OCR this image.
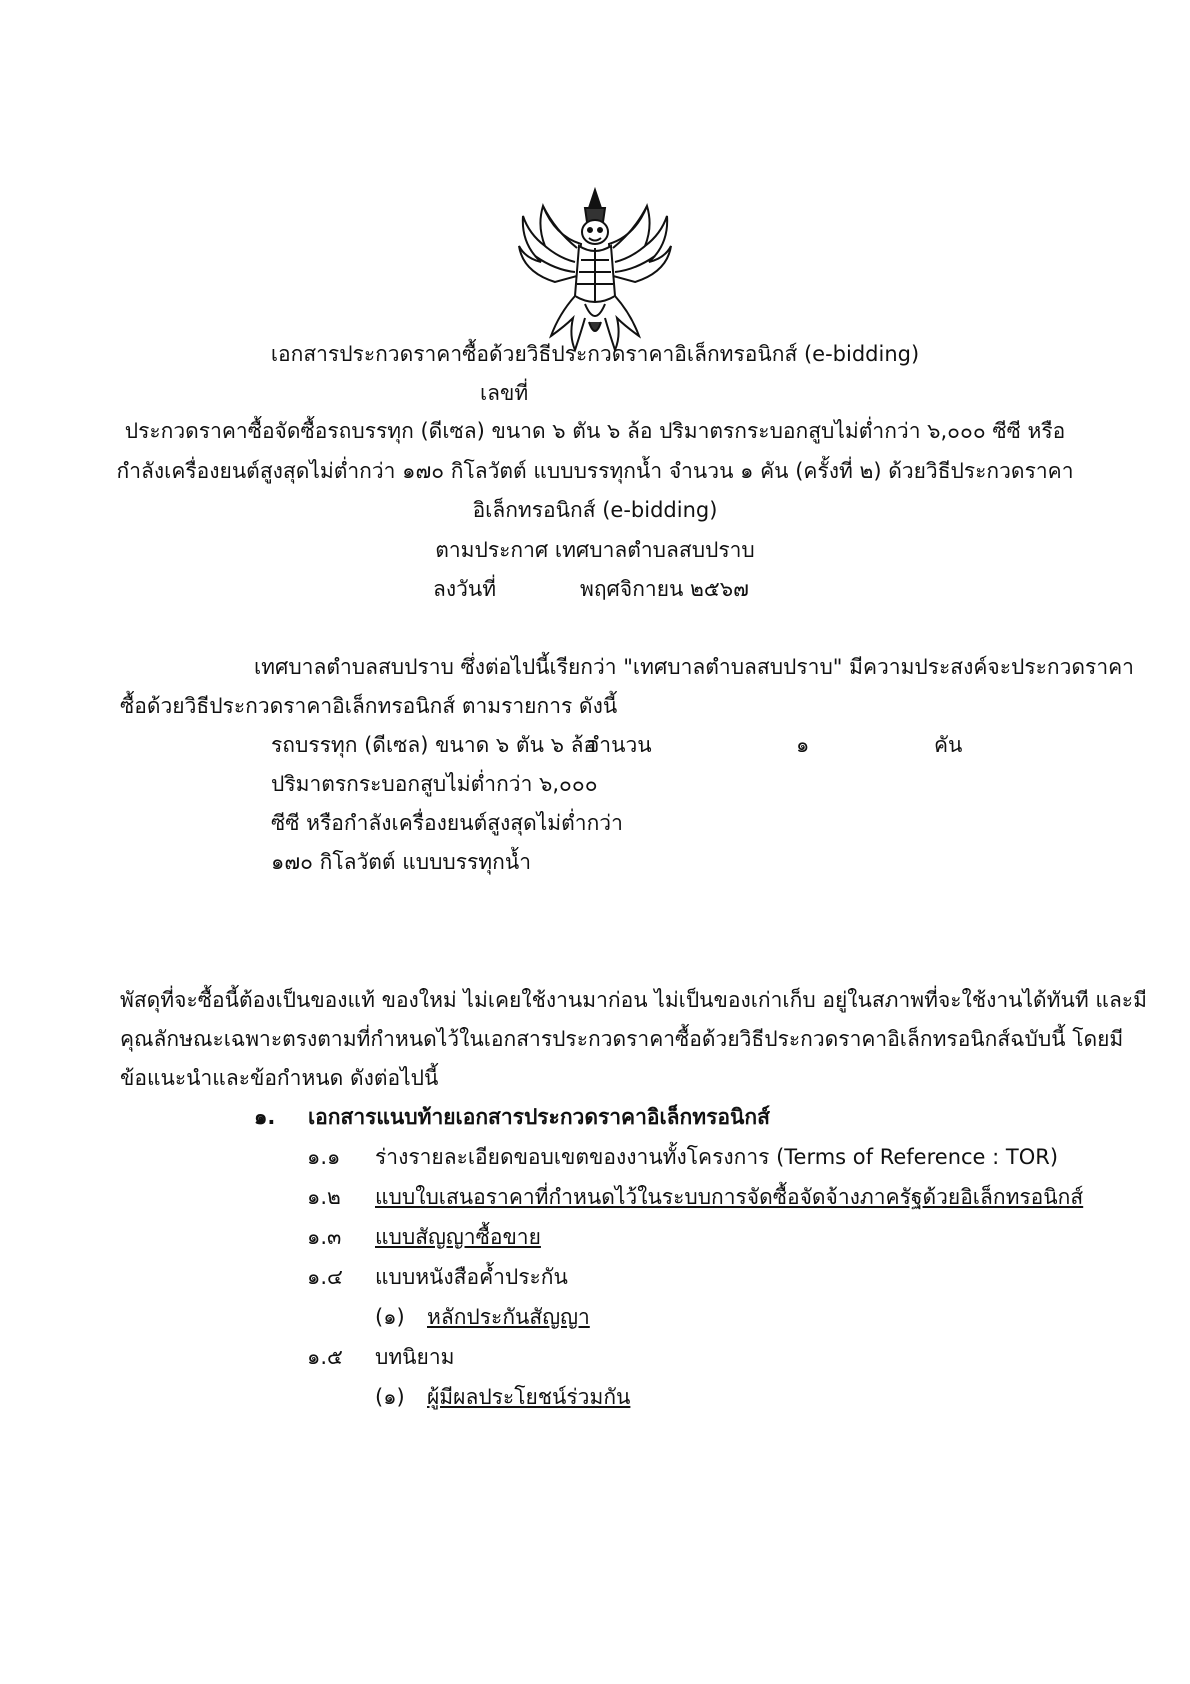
เอกสารประกวดราคาซื้อด้วยวิธีประกวดราคาอิเล็กทรอนิกส์ (e-bidding)
เลขที่
ประกวดราคาซื้อจัดซื้อรถบรรทุก (ดีเซล) ขนาด ๖ ตัน ๖ ล้อ ปริมาตรกระบอกสูบไม่ต่ำกว่า ๖,๐๐๐ ซีซี หรือ
กำลังเครื่องยนต์สูงสุดไม่ต่ำกว่า ๑๗๐ กิโลวัตต์ แบบบรรทุกน้ำ จำนวน ๑ คัน (ครั้งที่ ๒) ด้วยวิธีประกวดราคา
อิเล็กทรอนิกส์ (e-bidding)
ตามประกาศ เทศบาลตำบลสบปราบ
ลงวันที่	พฤศจิกายน ๒๕๖๗
เทศบาลตำบลสบปราบ ซึ่งต่อไปนี้เรียกว่า "เทศบาลตำบลสบปราบ" มีความประสงค์จะประกวดราคา
ซื้อด้วยวิธีประกวดราคาอิเล็กทรอนิกส์ ตามรายการ ดังนี้
รถบรรทุก (ดีเซล) ขนาด ๖ ตัน ๖ ล้อ
ปริมาตรกระบอกสูบไม่ต่ำกว่า ๖,๐๐๐
ซีซี หรือกำลังเครื่องยนต์สูงสุดไม่ต่ำกว่า
๑๗๐ กิโลวัตต์ แบบบรรทุกน้ำ
จำนวน	๑	คัน
พัสดุที่จะซื้อนี้ต้องเป็นของแท้ ของใหม่ ไม่เคยใช้งานมาก่อน ไม่เป็นของเก่าเก็บ อยู่ในสภาพที่จะใช้งานได้ทันที และมี
คุณลักษณะเฉพาะตรงตามที่กำหนดไว้ในเอกสารประกวดราคาซื้อด้วยวิธีประกวดราคาอิเล็กทรอนิกส์ฉบับนี้ โดยมี
ข้อแนะนำและข้อกำหนด ดังต่อไปนี้
๑. เอกสารแนบท้ายเอกสารประกวดราคาอิเล็กทรอนิกส์
๑.๑ ร่างรายละเอียดขอบเขตของงานทั้งโครงการ (Terms of Reference : TOR)
๑.๒ แบบใบเสนอราคาที่กำหนดไว้ในระบบการจัดซื้อจัดจ้างภาครัฐด้วยอิเล็กทรอนิกส์
๑.๓ แบบสัญญาซื้อขาย
๑.๔ แบบหนังสือค้ำประกัน
(๑) หลักประกันสัญญา
๑.๕ บทนิยาม
(๑) ผู้มีผลประโยชน์ร่วมกัน
